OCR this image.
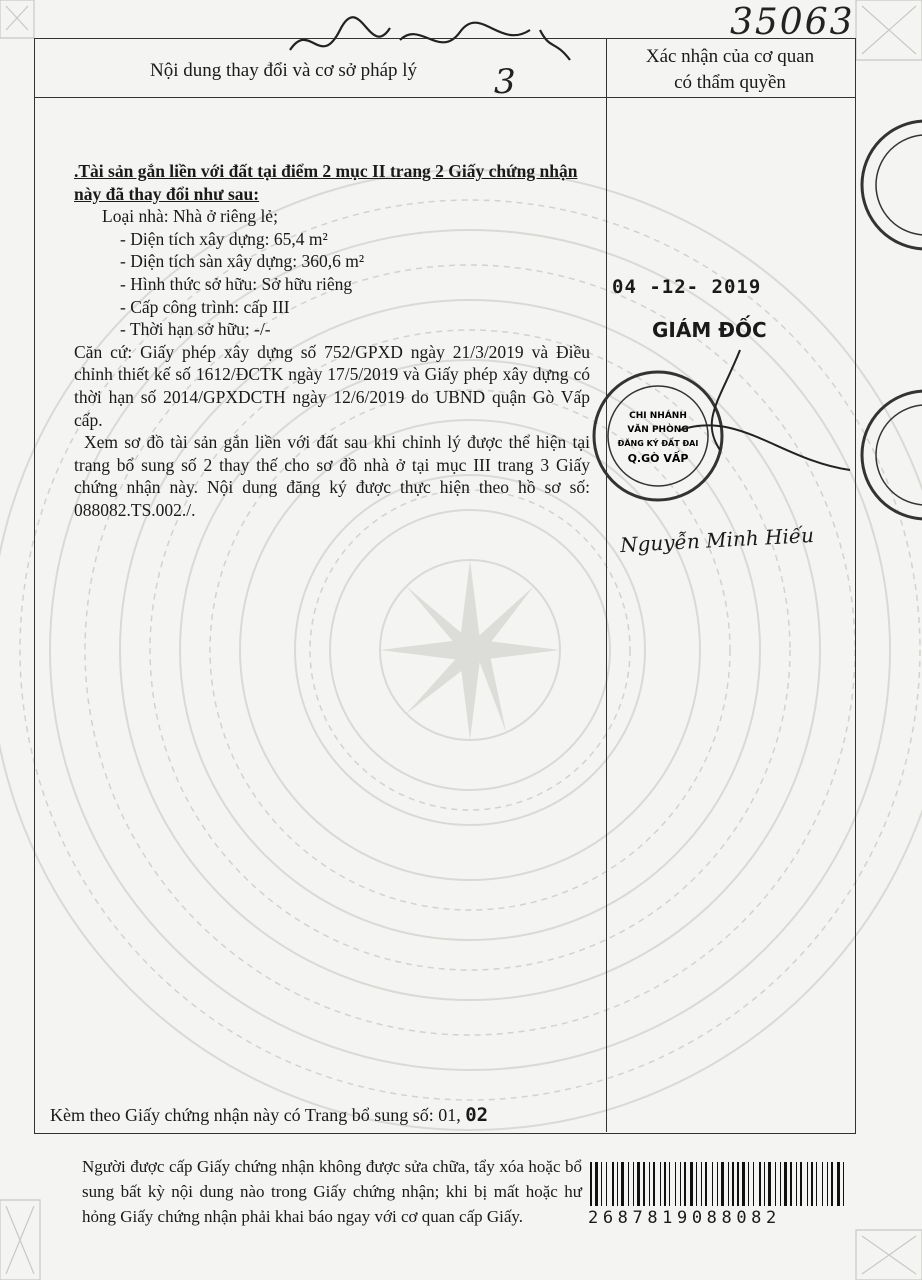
Nội dung thay đổi và cơ sở pháp lý
Xác nhận của cơ quan
có thẩm quyền
3
35063

.Tài sản gắn liền với đất tại điểm 2 mục II trang 2 Giấy chứng nhận này đã thay đổi như sau:

Loại nhà: Nhà ở riêng lẻ;

- Diện tích xây dựng: 65,4 m²

- Diện tích sàn xây dựng: 360,6 m²

- Hình thức sở hữu: Sở hữu riêng

- Cấp công trình: cấp III

- Thời hạn sở hữu: -/-

Căn cứ: Giấy phép xây dựng số 752/GPXD ngày 21/3/2019 và Điều chỉnh thiết kế số 1612/ĐCTK ngày 17/5/2019 và Giấy phép xây dựng có thời hạn số 2014/GPXDCTH ngày 12/6/2019 do UBND quận Gò Vấp cấp.

Xem sơ đồ tài sản gắn liền với đất sau khi chỉnh lý được thể hiện tại trang bổ sung số 2 thay thế cho sơ đồ nhà ở tại mục III trang 3 Giấy chứng nhận này. Nội dung đăng ký được thực hiện theo hồ sơ số: 088082.TS.002./.

04 -12- 2019
GIÁM ĐỐC
CHI NHÁNH
VĂN PHÒNG
ĐĂNG KÝ ĐẤT ĐAI
Q.GÒ VẤP
Nguyễn Minh Hiếu
Kèm theo Giấy chứng nhận này có Trang bổ sung số: 01, 02
Người được cấp Giấy chứng nhận không được sửa chữa, tẩy xóa hoặc bổ sung bất kỳ nội dung nào trong Giấy chứng nhận; khi bị mất hoặc hư hỏng Giấy chứng nhận phải khai báo ngay với cơ quan cấp Giấy.	2687819088082
